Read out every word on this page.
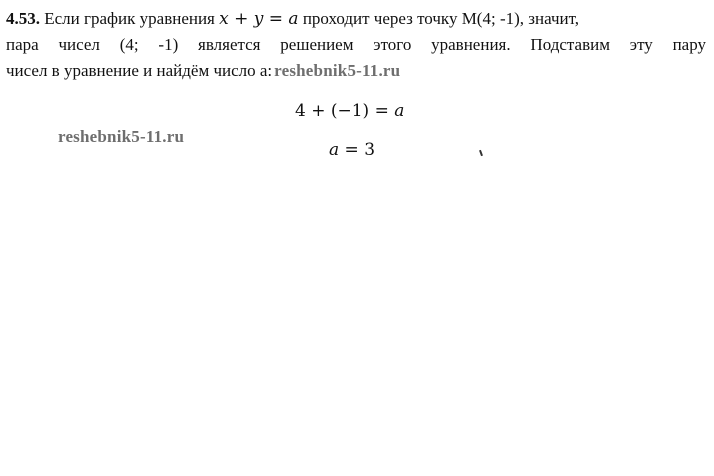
4.53. Если график уравнения x + y = a проходит через точку М(4; -1), значит,
пара чисел (4; -1) является решением этого уравнения. Подставим эту пару
чисел в уравнение и найдём число a: reshebnik5-11.ru
4 + (−1) = a
a = 3
reshebnik5-11.ru
